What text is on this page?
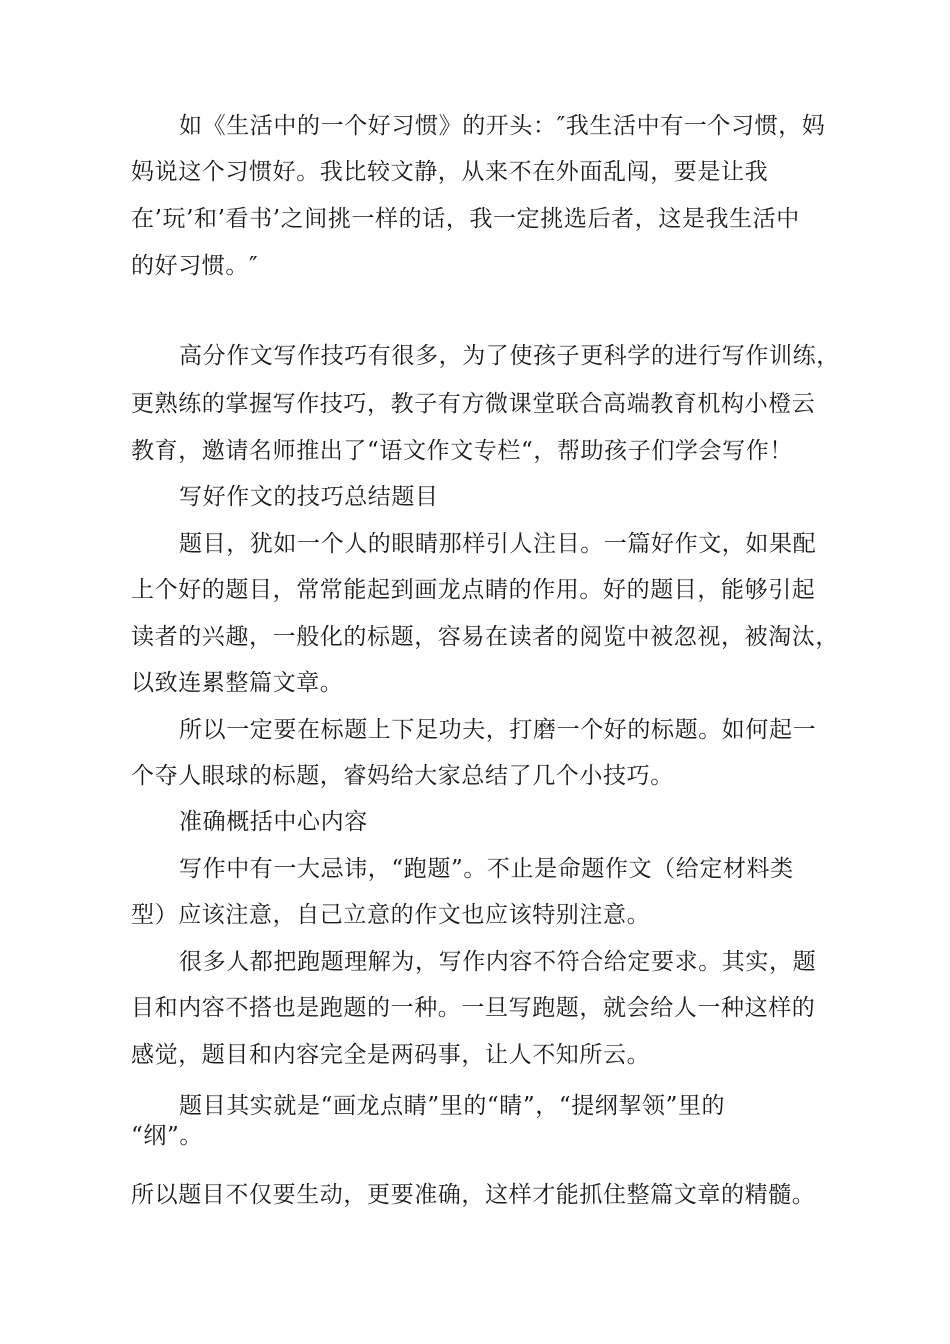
如《生活中的一个好习惯》的开头：″我生活中有一个习惯，妈
妈说这个习惯好。我比较文静，从来不在外面乱闯，要是让我
在’玩’和’看书’之间挑一样的话，我一定挑选后者，这是我生活中
的好习惯。″
高分作文写作技巧有很多，为了使孩子更科学的进行写作训练，
更熟练的掌握写作技巧，教子有方微课堂联合高端教育机构小橙云
教育，邀请名师推出了“语文作文专栏“，帮助孩子们学会写作！
写好作文的技巧总结题目
题目，犹如一个人的眼睛那样引人注目。一篇好作文，如果配
上个好的题目，常常能起到画龙点睛的作用。好的题目，能够引起
读者的兴趣，一般化的标题，容易在读者的阅览中被忽视，被淘汰，
以致连累整篇文章。
所以一定要在标题上下足功夫，打磨一个好的标题。如何起一
个夺人眼球的标题，睿妈给大家总结了几个小技巧。
准确概括中心内容
写作中有一大忌讳，“跑题”。不止是命题作文（给定材料类
型）应该注意，自己立意的作文也应该特别注意。
很多人都把跑题理解为，写作内容不符合给定要求。其实，题
目和内容不搭也是跑题的一种。一旦写跑题，就会给人一种这样的
感觉，题目和内容完全是两码事，让人不知所云。
题目其实就是“画龙点睛”里的“睛”，“提纲挈领”里的
“纲”。
所以题目不仅要生动，更要准确，这样才能抓住整篇文章的精髓。
